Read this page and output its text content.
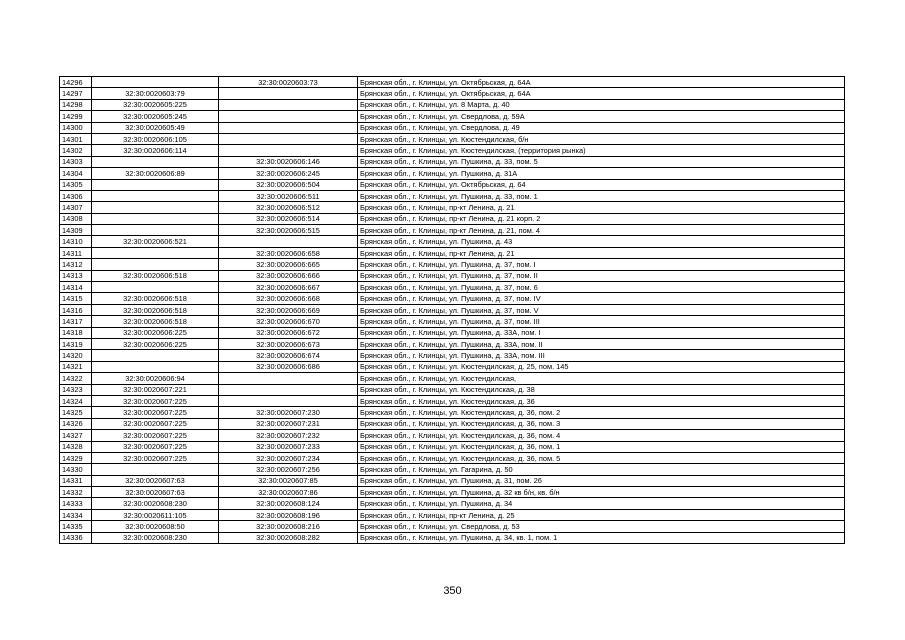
14296		32:30:0020603:73	Брянская обл., г. Клинцы, ул. Октябрьская, д. 64А
14297	32:30:0020603:79		Брянская обл., г. Клинцы, ул. Октябрьская, д. 64А
14298	32:30:0020605:225		Брянская обл., г. Клинцы, ул. 8 Марта, д. 40
14299	32:30:0020605:245		Брянская обл., г. Клинцы, ул. Свердлова, д. 59А
14300	32:30:0020605:49		Брянская обл., г. Клинцы, ул. Свердлова, д. 49
14301	32:30:0020606:105		Брянская обл., г. Клинцы, ул. Кюстендилская, б/н
14302	32:30:0020606:114		Брянская обл., г. Клинцы, ул. Кюстендилская, (территория рынка)
14303		32:30:0020606:146	Брянская обл., г. Клинцы, ул. Пушкина, д. 33, пом. 5
14304	32:30:0020606:89	32:30:0020606:245	Брянская обл., г. Клинцы, ул. Пушкина, д. 31А
14305		32:30:0020606:504	Брянская обл., г. Клинцы, ул. Октябрьская, д. 64
14306		32:30:0020606:511	Брянская обл., г. Клинцы, ул. Пушкина, д. 33, пом. 1
14307		32:30:0020606:512	Брянская обл., г. Клинцы, пр-кт Ленина, д. 21
14308		32:30:0020606:514	Брянская обл., г. Клинцы, пр-кт Ленина, д. 21 корп. 2
14309		32:30:0020606:515	Брянская обл., г. Клинцы, пр-кт Ленина, д. 21, пом. 4
14310	32:30:0020606:521		Брянская обл., г. Клинцы, ул. Пушкина, д. 43
14311		32:30:0020606:658	Брянская обл., г. Клинцы, пр-кт Ленина, д. 21
14312		32:30:0020606:665	Брянская обл., г. Клинцы, ул. Пушкина, д. 37, пом. I
14313	32:30:0020606:518	32:30:0020606:666	Брянская обл., г. Клинцы, ул. Пушкина, д. 37, пом. II
14314		32:30:0020606:667	Брянская обл., г. Клинцы, ул. Пушкина, д. 37, пом. 6
14315	32:30:0020606:518	32:30:0020606:668	Брянская обл., г. Клинцы, ул. Пушкина, д. 37, пом. IV
14316	32:30:0020606:518	32:30:0020606:669	Брянская обл., г. Клинцы, ул. Пушкина, д. 37, пом. V
14317	32:30:0020606:518	32:30:0020606:670	Брянская обл., г. Клинцы, ул. Пушкина, д. 37, пом. III
14318	32:30:0020606:225	32:30:0020606:672	Брянская обл., г. Клинцы, ул. Пушкина, д. 33А, пом. I
14319	32:30:0020606:225	32:30:0020606:673	Брянская обл., г. Клинцы, ул. Пушкина, д. 33А, пом. II
14320		32:30:0020606:674	Брянская обл., г. Клинцы, ул. Пушкина, д. 33А, пом. III
14321		32:30:0020606:686	Брянская обл., г. Клинцы, ул. Кюстендилская, д. 25, пом. 145
14322	32:30:0020606:94		Брянская обл., г. Клинцы, ул. Кюстендилская,
14323	32:30:0020607:221		Брянская обл., г. Клинцы, ул. Кюстендилская, д. 38
14324	32:30:0020607:225		Брянская обл., г. Клинцы, ул. Кюстендилская, д. 36
14325	32:30:0020607:225	32:30:0020607:230	Брянская обл., г. Клинцы, ул. Кюстендилская, д. 36, пом. 2
14326	32:30:0020607:225	32:30:0020607:231	Брянская обл., г. Клинцы, ул. Кюстендилская, д. 36, пом. 3
14327	32:30:0020607:225	32:30:0020607:232	Брянская обл., г. Клинцы, ул. Кюстендилская, д. 36, пом. 4
14328	32:30:0020607:225	32:30:0020607:233	Брянская обл., г. Клинцы, ул. Кюстендилская, д. 36, пом. 1
14329	32:30:0020607:225	32:30:0020607:234	Брянская обл., г. Клинцы, ул. Кюстендилская, д. 36, пом. 5
14330		32:30:0020607:256	Брянская обл., г. Клинцы, ул. Гагарина, д. 50
14331	32:30:0020607:63	32:30:0020607:85	Брянская обл., г. Клинцы, ул. Пушкина, д. 31, пом. 26
14332	32:30:0020607:63	32:30:0020607:86	Брянская обл., г. Клинцы, ул. Пушкина, д. 32 кв б/н, кв. б/н
14333	32:30:0020608:230	32:30:0020608:124	Брянская обл., г. Клинцы, ул. Пушкина, д. 34
14334	32:30:0020611:105	32:30:0020608:196	Брянская обл., г. Клинцы, пр-кт Ленина, д. 25
14335	32:30:0020608:50	32:30:0020608:216	Брянская обл., г. Клинцы, ул. Свердлова, д. 53
14336	32:30:0020608:230	32:30:0020608:282	Брянская обл., г. Клинцы, ул. Пушкина, д. 34, кв. 1, пом. 1
350
